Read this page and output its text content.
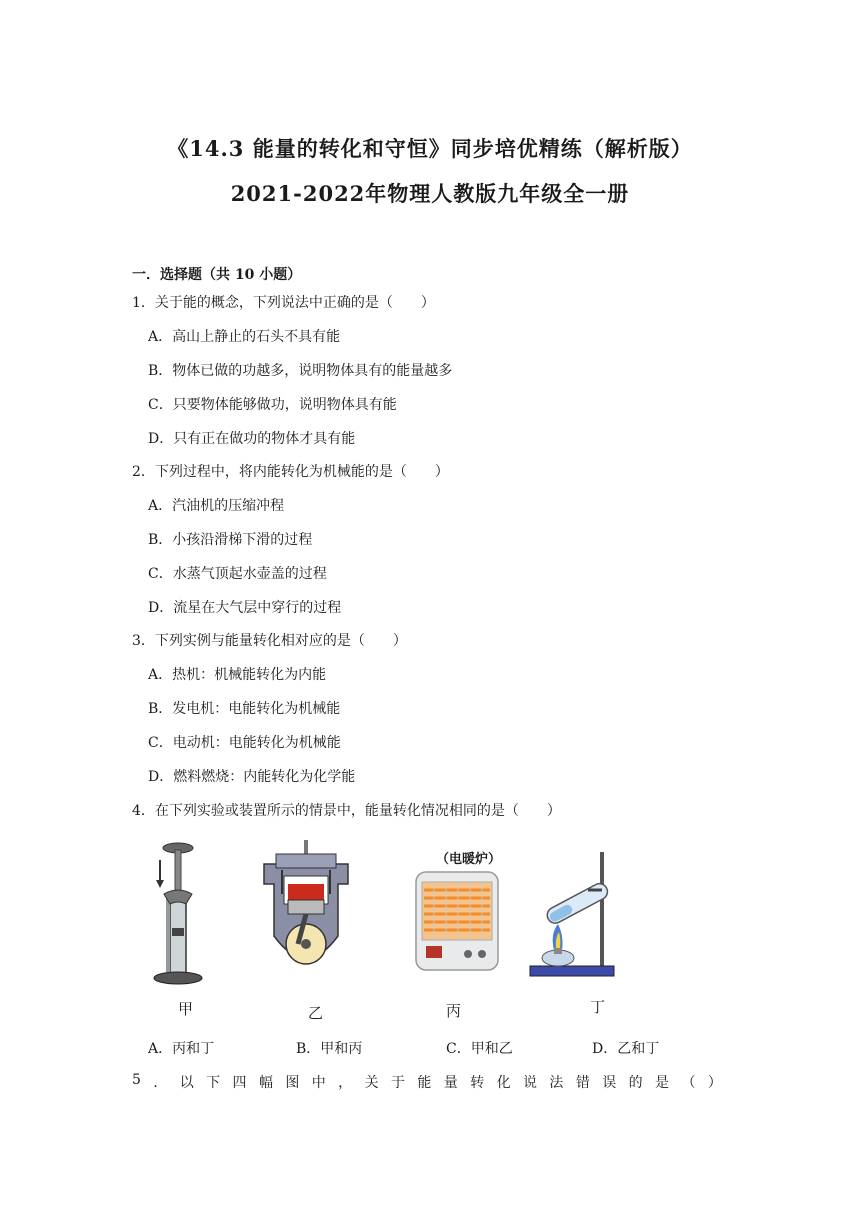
《14.3 能量的转化和守恒》同步培优精练（解析版）
2021-2022年物理人教版九年级全一册
一．选择题（共 10 小题）
1．关于能的概念，下列说法中正确的是（　　）
A．高山上静止的石头不具有能
B．物体已做的功越多，说明物体具有的能量越多
C．只要物体能够做功，说明物体具有能
D．只有正在做功的物体才具有能
2．下列过程中，将内能转化为机械能的是（　　）
A．汽油机的压缩冲程
B．小孩沿滑梯下滑的过程
C．水蒸气顶起水壶盖的过程
D．流星在大气层中穿行的过程
3．下列实例与能量转化相对应的是（　　）
A．热机：机械能转化为内能
B．发电机：电能转化为机械能
C．电动机：电能转化为机械能
D．燃料燃烧：内能转化为化学能
4．在下列实验或装置所示的情景中，能量转化情况相同的是（　　）
甲	乙
（电暖炉）
丙	丁
A．丙和丁	B．甲和丙	C．甲和乙	D．乙和丁
5 ． 以 下 四 幅 图 中 ， 关 于 能 量 转 化 说 法 错 误 的 是 （ ）
